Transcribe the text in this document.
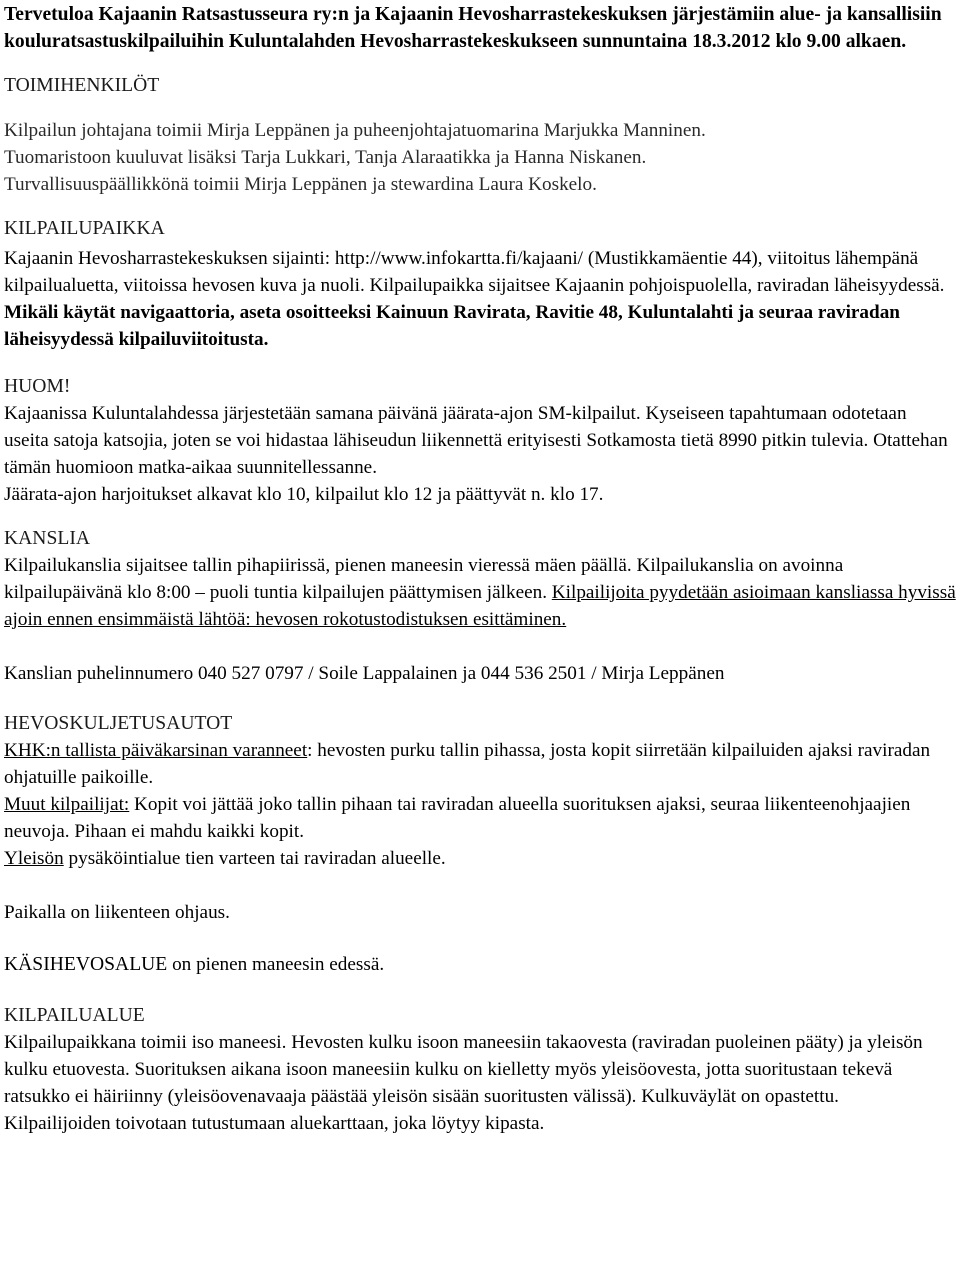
Tervetuloa Kajaanin Ratsastusseura ry:n ja Kajaanin Hevosharrastekeskuksen järjestämiin alue- ja kansallisiin kouluratsastuskilpailuihin Kuluntalahden Hevosharrastekeskukseen sunnuntaina 18.3.2012 klo 9.00 alkaen.

TOIMIHENKILÖT

Kilpailun johtajana toimii Mirja Leppänen ja puheenjohtajatuomarina Marjukka Manninen.

Tuomaristoon kuuluvat lisäksi Tarja Lukkari, Tanja Alaraatikka ja Hanna Niskanen.

Turvallisuuspäällikkönä toimii Mirja Leppänen ja stewardina Laura Koskelo.

KILPAILUPAIKKA

Kajaanin Hevosharrastekeskuksen sijainti: http://www.infokartta.fi/kajaani/ (Mustikkamäentie 44), viitoitus lähempänä kilpailualuetta, viitoissa hevosen kuva ja nuoli. Kilpailupaikka sijaitsee Kajaanin pohjoispuolella, raviradan läheisyydessä.

Mikäli käytät navigaattoria, aseta osoitteeksi Kainuun Ravirata, Ravitie 48, Kuluntalahti ja seuraa raviradan läheisyydessä kilpailuviitoitusta.

HUOM!

Kajaanissa Kuluntalahdessa järjestetään samana päivänä jäärata-ajon SM-kilpailut. Kyseiseen tapahtumaan odotetaan useita satoja katsojia, joten se voi hidastaa lähiseudun liikennettä erityisesti Sotkamosta tietä 8990 pitkin tulevia. Otattehan tämän huomioon matka-aikaa suunnitellessanne.

Jäärata-ajon harjoitukset alkavat klo 10, kilpailut klo 12 ja päättyvät n. klo 17.

KANSLIA

Kilpailukanslia sijaitsee tallin pihapiirissä, pienen maneesin vieressä mäen päällä. Kilpailukanslia on avoinna kilpailupäivänä klo 8:00 – puoli tuntia kilpailujen päättymisen jälkeen. Kilpailijoita pyydetään asioimaan kansliassa hyvissä ajoin ennen ensimmäistä lähtöä: hevosen rokotustodistuksen esittäminen.

Kanslian puhelinnumero 040 527 0797 / Soile Lappalainen ja 044 536 2501 / Mirja Leppänen

HEVOSKULJETUSAUTOT

KHK:n tallista päiväkarsinan varanneet: hevosten purku tallin pihassa, josta kopit siirretään kilpailuiden ajaksi raviradan ohjatuille paikoille.

Muut kilpailijat: Kopit voi jättää joko tallin pihaan tai raviradan alueella suorituksen ajaksi, seuraa liikenteenohjaajien neuvoja. Pihaan ei mahdu kaikki kopit.

Yleisön pysäköintialue tien varteen tai raviradan alueelle.

Paikalla on liikenteen ohjaus.

KÄSIHEVOSALUE on pienen maneesin edessä.

KILPAILUALUE

Kilpailupaikkana toimii iso maneesi. Hevosten kulku isoon maneesiin takaovesta (raviradan puoleinen pääty) ja yleisön kulku etuovesta. Suorituksen aikana isoon maneesiin kulku on kielletty myös yleisöovesta, jotta suoritustaan tekevä ratsukko ei häiriinny (yleisöovenavaaja päästää yleisön sisään suoritusten välissä). Kulkuväylät on opastettu.

Kilpailijoiden toivotaan tutustumaan aluekarttaan, joka löytyy kipasta.
